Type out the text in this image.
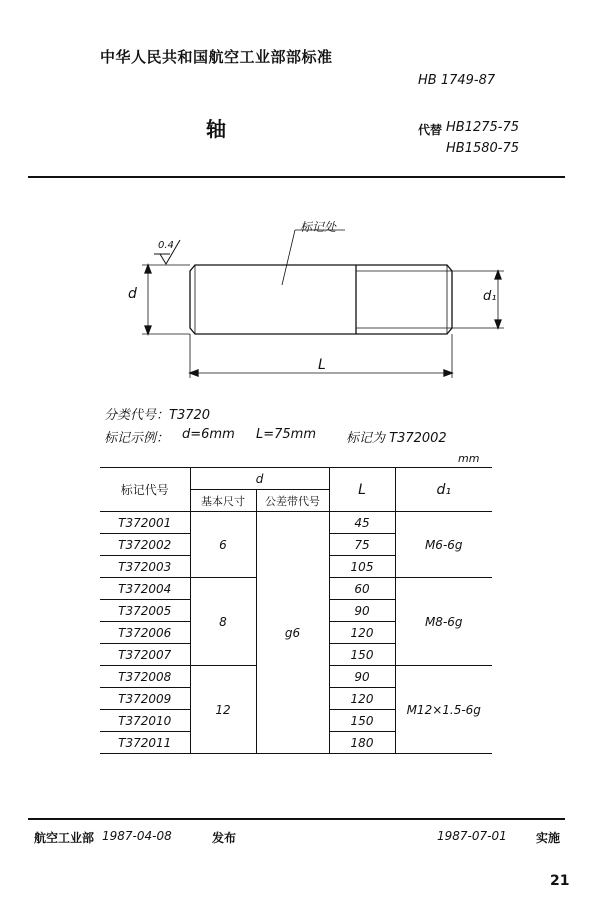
中华人民共和国航空工业部部标准
HB 1749-87
轴	代替 HB1275-75
HB1580-75
0.4
标记处
d	d₁
L
分类代号：T3720
标记示例： d=6mm L=75mm 标记为 T372002
mm
标记代号	d		L	d₁
	基本尺寸	公差带代号		
T372001	6	g6	45	M6-6g
T372002			75	
T372003			105	
T372004	8		60	M8-6g
T372005			90	
T372006			120	
T372007			150	
T372008	12		90	M12×1.5-6g
T372009			120	
T372010			150	
T372011			180	
航空工业部 1987-04-08	发布	1987-07-01 实施
21
